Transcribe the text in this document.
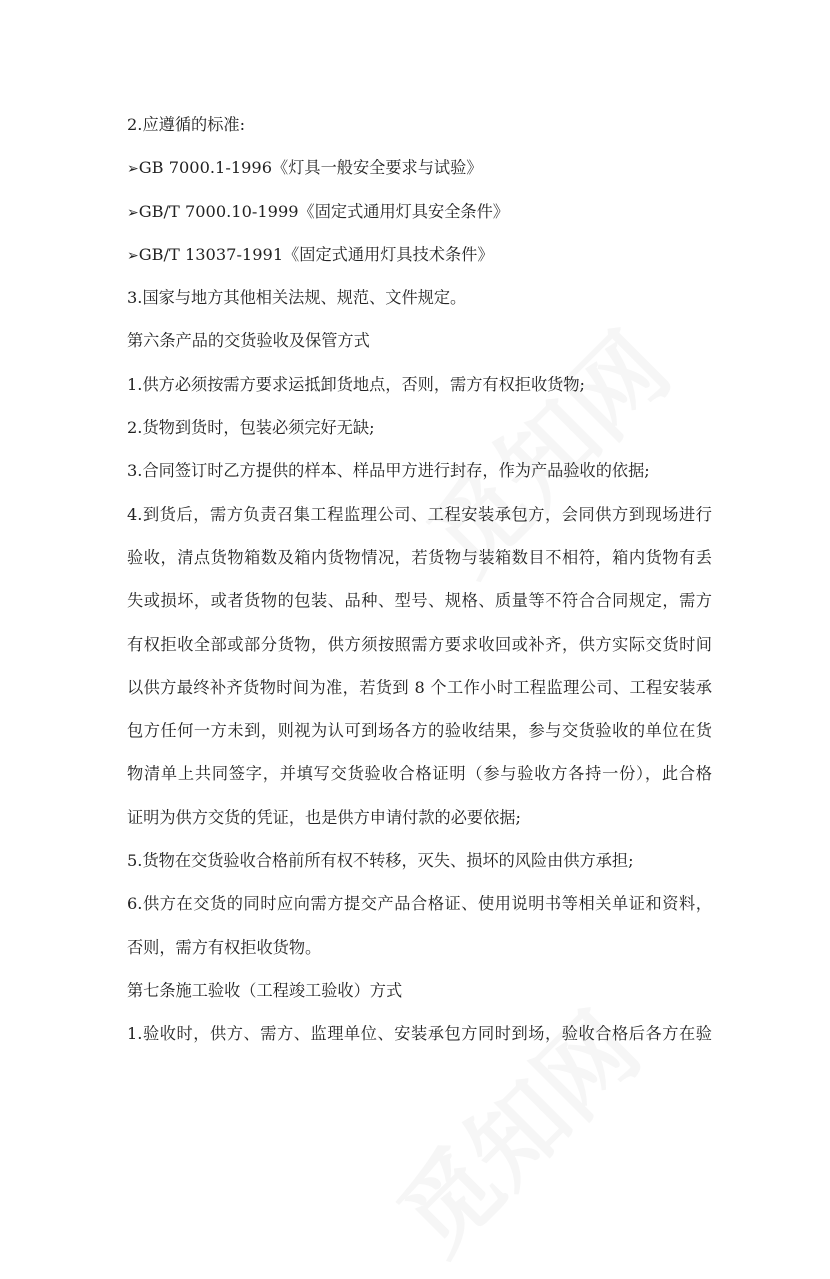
2.应遵循的标准:

➢GB 7000.1-1996《灯具一般安全要求与试验》

➢GB/T 7000.10-1999《固定式通用灯具安全条件》

➢GB/T 13037-1991《固定式通用灯具技术条件》

3.国家与地方其他相关法规、规范、文件规定。

第六条产品的交货验收及保管方式

1.供方必须按需方要求运抵卸货地点，否则，需方有权拒收货物;

2.货物到货时，包装必须完好无缺;

3.合同签订时乙方提供的样本、样品甲方进行封存，作为产品验收的依据;

4.到货后，需方负责召集工程监理公司、工程安装承包方，会同供方到现场进行

验收，清点货物箱数及箱内货物情况，若货物与装箱数目不相符，箱内货物有丢

失或损坏，或者货物的包装、品种、型号、规格、质量等不符合合同规定，需方

有权拒收全部或部分货物，供方须按照需方要求收回或补齐，供方实际交货时间

以供方最终补齐货物时间为准，若货到 8 个工作小时工程监理公司、工程安装承

包方任何一方未到，则视为认可到场各方的验收结果，参与交货验收的单位在货

物清单上共同签字，并填写交货验收合格证明（参与验收方各持一份），此合格

证明为供方交货的凭证，也是供方申请付款的必要依据;

5.货物在交货验收合格前所有权不转移，灭失、损坏的风险由供方承担;

6.供方在交货的同时应向需方提交产品合格证、使用说明书等相关单证和资料，

否则，需方有权拒收货物。

第七条施工验收（工程竣工验收）方式

1.验收时，供方、需方、监理单位、安装承包方同时到场，验收合格后各方在验
